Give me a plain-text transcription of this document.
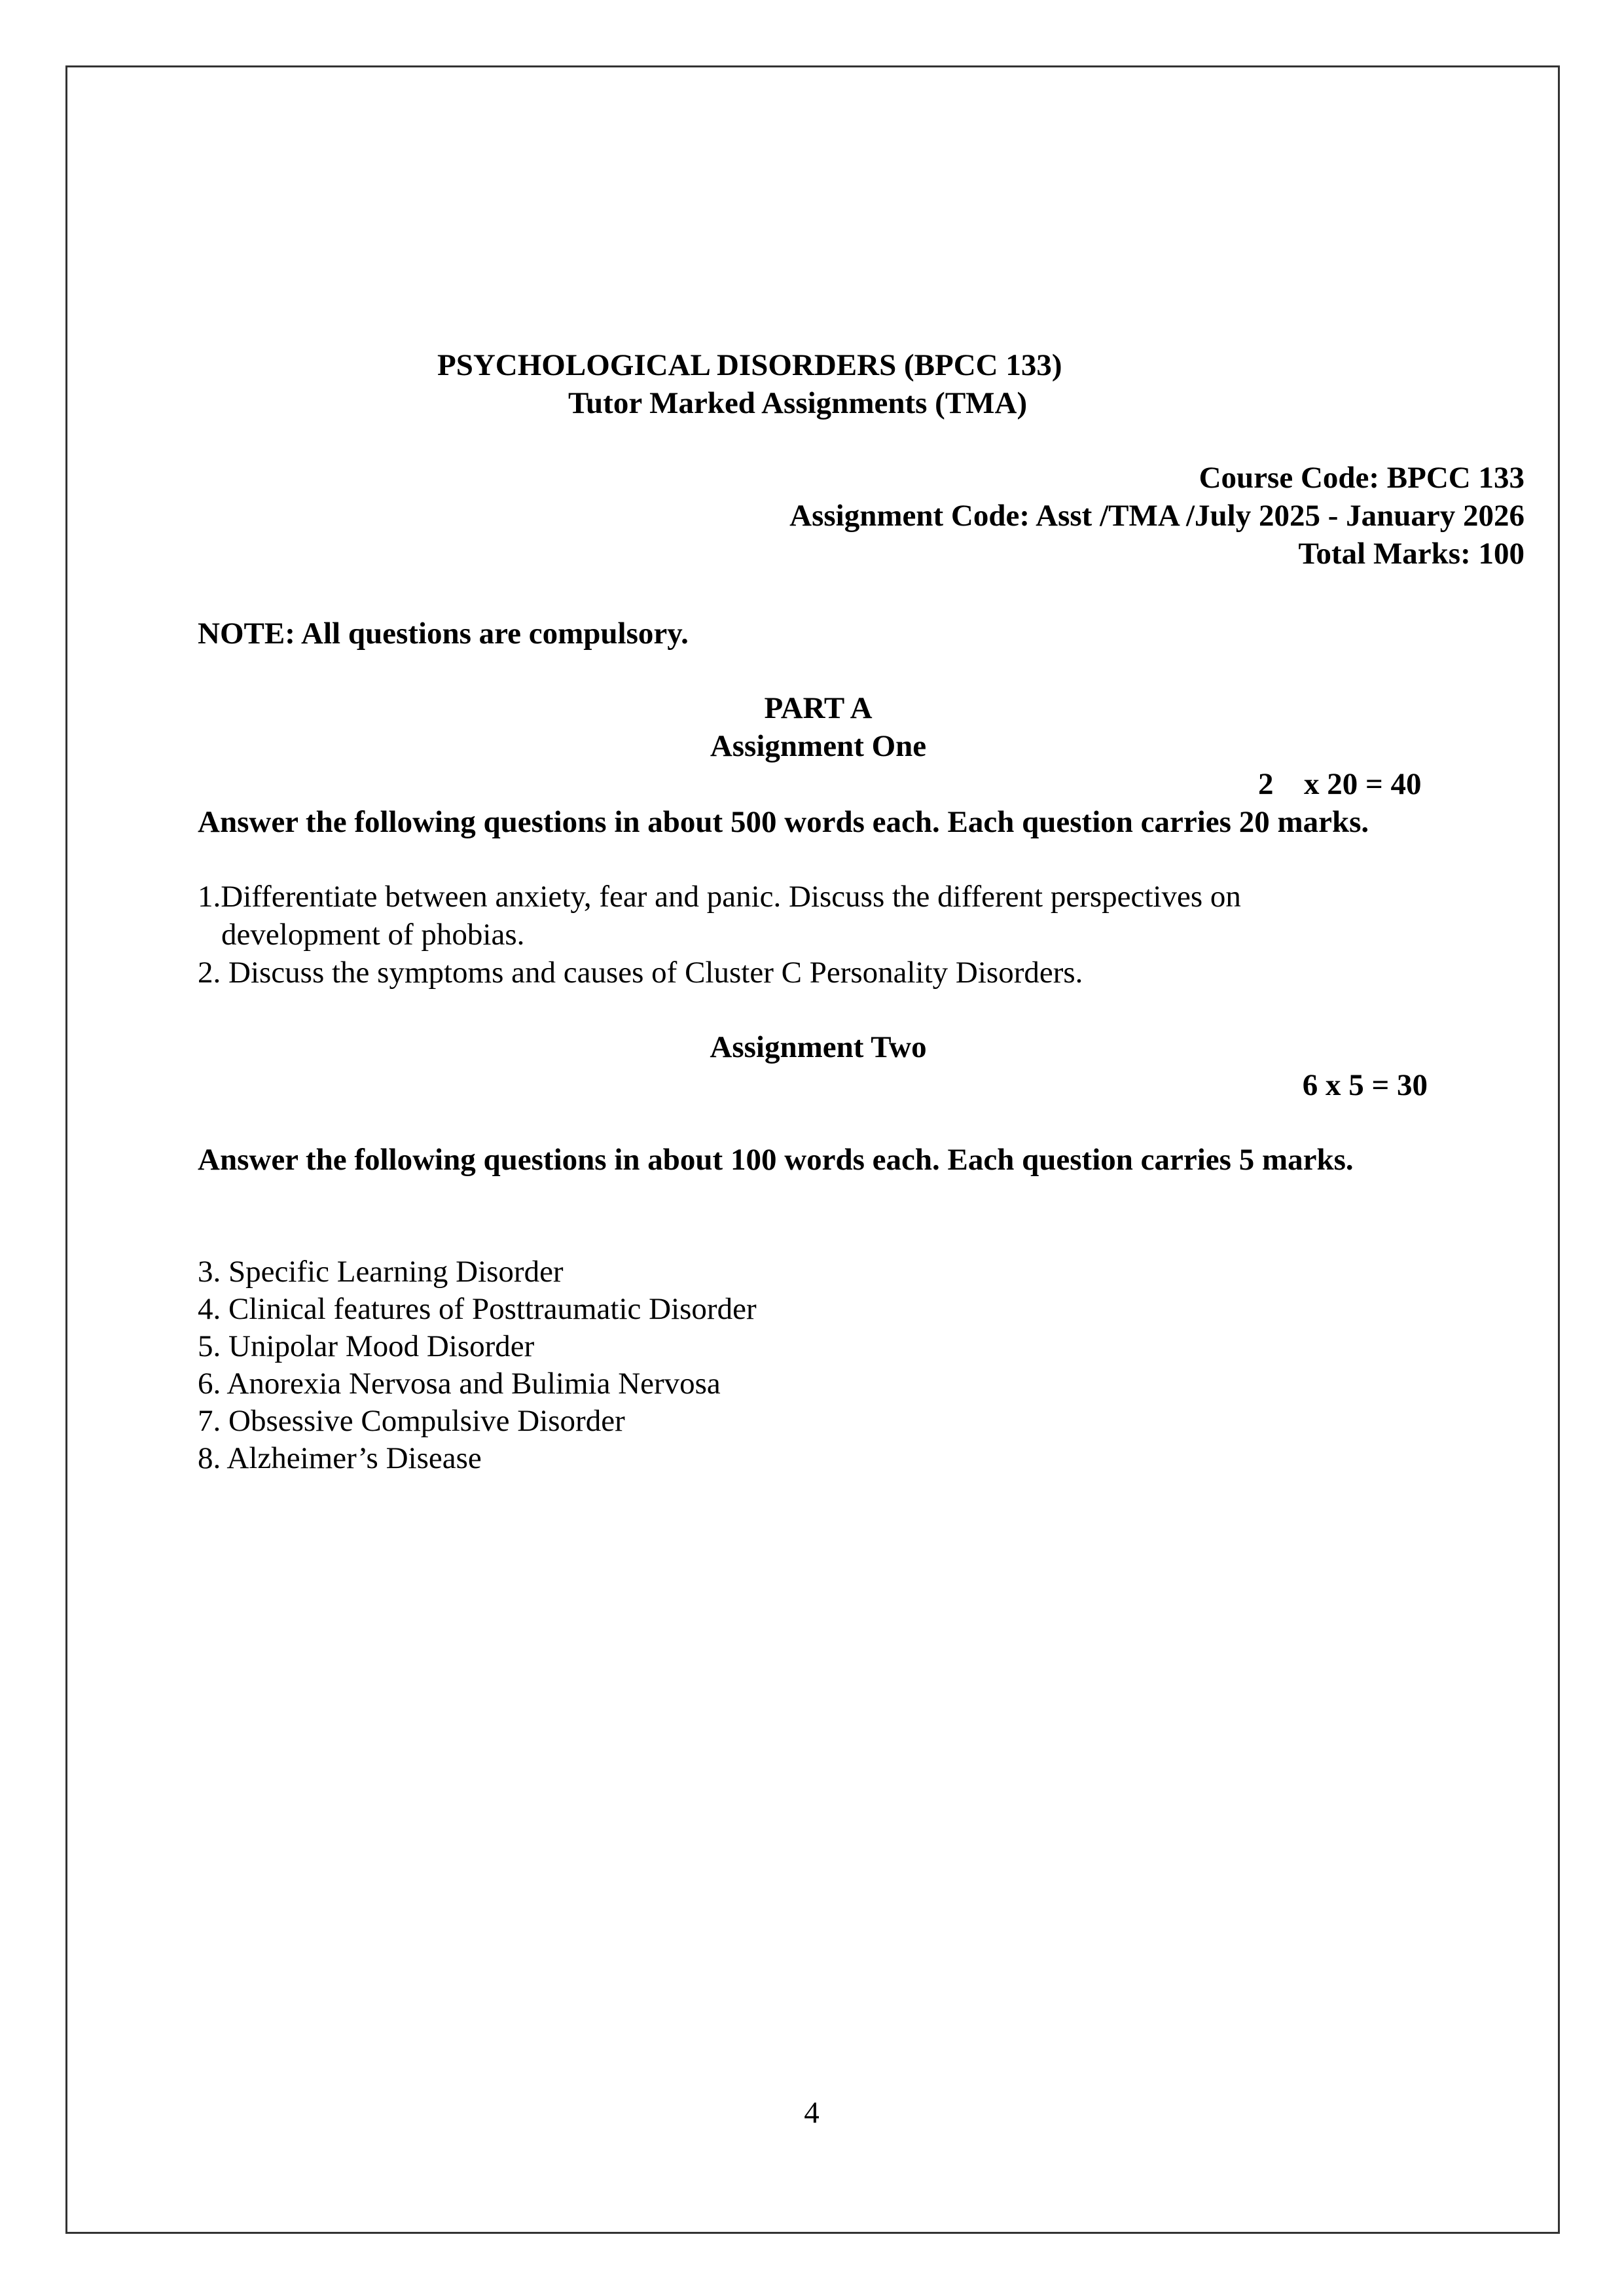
PSYCHOLOGICAL DISORDERS (BPCC 133)
Tutor Marked Assignments (TMA)
Course Code: BPCC 133
Assignment Code: Asst /TMA /July 2025 - January 2026
Total Marks: 100
NOTE: All questions are compulsory.
PART A
Assignment One
2 x 20 = 40
Answer the following questions in about 500 words each. Each question carries 20 marks.
1.Differentiate between anxiety, fear and panic. Discuss the different perspectives on
development of phobias.
2. Discuss the symptoms and causes of Cluster C Personality Disorders.
Assignment Two
6 x 5 = 30
Answer the following questions in about 100 words each. Each question carries 5 marks.
3. Specific Learning Disorder
4. Clinical features of Posttraumatic Disorder
5. Unipolar Mood Disorder
6. Anorexia Nervosa and Bulimia Nervosa
7. Obsessive Compulsive Disorder
8. Alzheimer’s Disease
4
